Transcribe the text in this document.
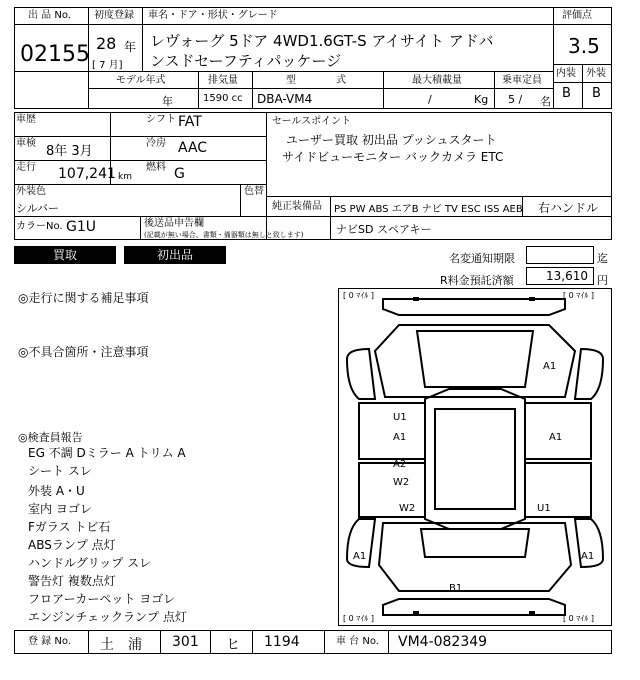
出 品 No.
02155
初度登録
28 年
[ 7 月]
車名・ドア・形状・グレード
レヴォーグ 5ドア 4WD1.6GT-S アイサイト アドバ
ンスドセーフティパッケージ
評価点
3.5
内装 外装
B B
モデル年式
年
排気量
1590 cc
型　　　　式
DBA-VM4
最大積載量
/	Kg
乗車定員
5 / 名
車歴
車検
8年 3月
走行 107,241 km
シフト FAT
冷房 AAC
燃料 G
セールスポイント
ユーザー買取 初出品 プッシュスタート
サイドビューモニター バックカメラ ETC
外装色
シルバー
色替
純正装備品 PS PW ABS エアB ナビ TV ESC ISS AEB 右ハンドル
カラーNo. G1U	後送品申告欄
(記載が無い場合、書類・備器類は無しと致します)	ナビSD スペアキー
買取	初出品	名変通知期限	迄
R料金預託済額	13,610 円
◎走行に関する補足事項
◎不具合箇所・注意事項
◎検査員報告
EG 不調 Dミラー A トリム A
シート スレ
外装 A・U
室内 ヨゴレ
Fガラス トビ石
ABSランプ 点灯
ハンドルグリップ スレ
警告灯 複数点灯
フロアーカーペット ヨゴレ
エンジンチェックランプ 点灯
[ 0 ﾏｲﾙ ]	[ 0 ﾏｲﾙ ]
[ 0 ﾏｲﾙ ]	[ 0 ﾏｲﾙ ]
A1
U1
A1	A1
A2
W2
W2	U1
A1	A1
B1
登 録 No. 土　浦 301 ヒ 1194	車 台 No. VM4-082349
